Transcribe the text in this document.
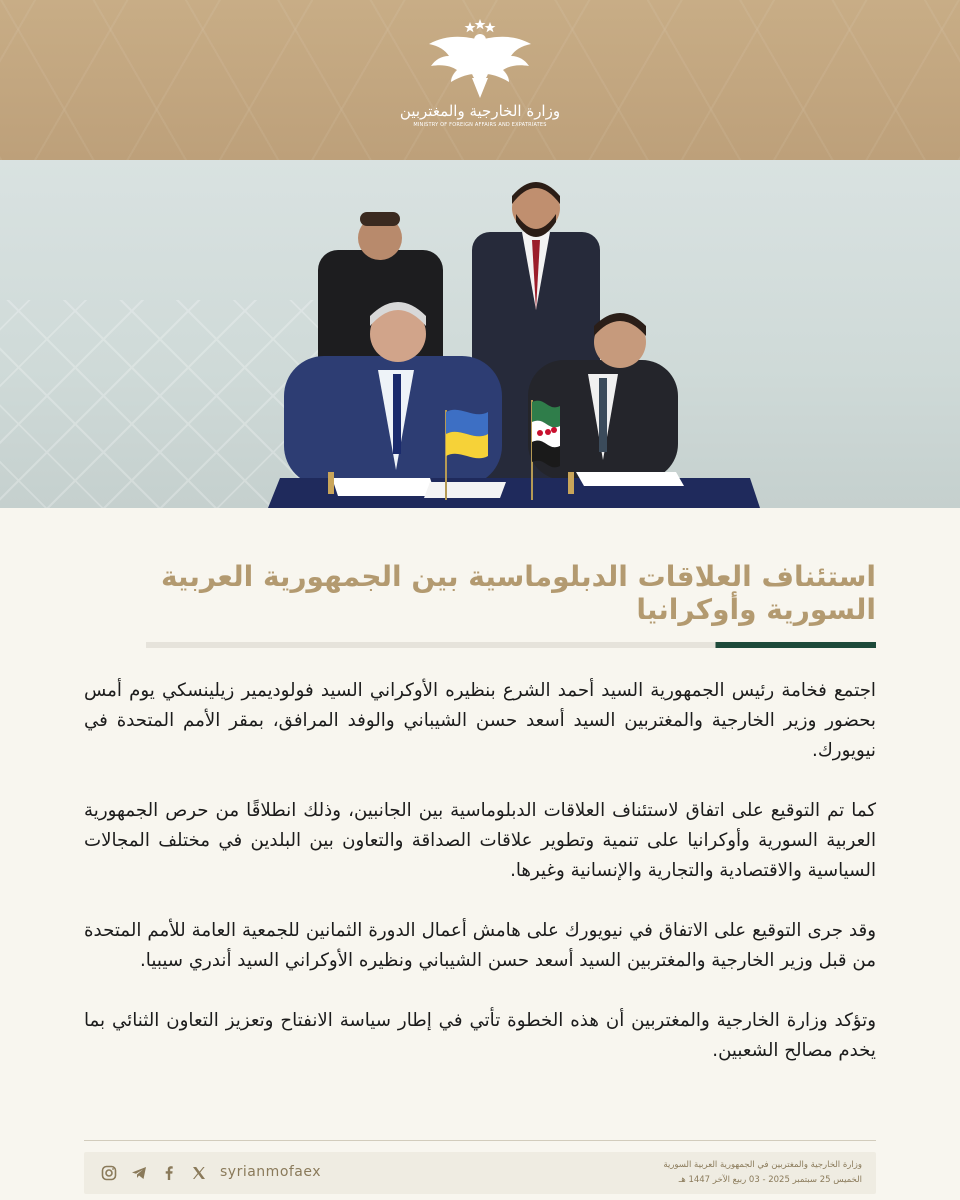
وزارة الخارجية والمغتربين
MINISTRY OF FOREIGN AFFAIRS AND EXPATRIATES
استئناف العلاقات الدبلوماسية بين الجمهورية العربية السورية وأوكرانيا

اجتمع فخامة رئيس الجمهورية السيد أحمد الشرع بنظيره الأوكراني السيد فولوديمير زيلينسكي يوم أمس بحضور وزير الخارجية والمغتربين السيد أسعد حسن الشيباني والوفد المرافق، بمقر الأمم المتحدة في نيويورك.

كما تم التوقيع على اتفاق لاستئناف العلاقات الدبلوماسية بين الجانبين، وذلك انطلاقًا من حرص الجمهورية العربية السورية وأوكرانيا على تنمية وتطوير علاقات الصداقة والتعاون بين البلدين في مختلف المجالات السياسية والاقتصادية والتجارية والإنسانية وغيرها.

وقد جرى التوقيع على الاتفاق في نيويورك على هامش أعمال الدورة الثمانين للجمعية العامة للأمم المتحدة من قبل وزير الخارجية والمغتربين السيد أسعد حسن الشيباني ونظيره الأوكراني السيد أندري سيبيا.

وتؤكد وزارة الخارجية والمغتربين أن هذه الخطوة تأتي في إطار سياسة الانفتاح وتعزيز التعاون الثنائي بما يخدم مصالح الشعبين.

syrianmofaex	وزارة الخارجية والمغتربين في الجمهورية العربية السورية
الخميس 25 سبتمبر 2025 - 03 ربيع الآخر 1447 هـ
